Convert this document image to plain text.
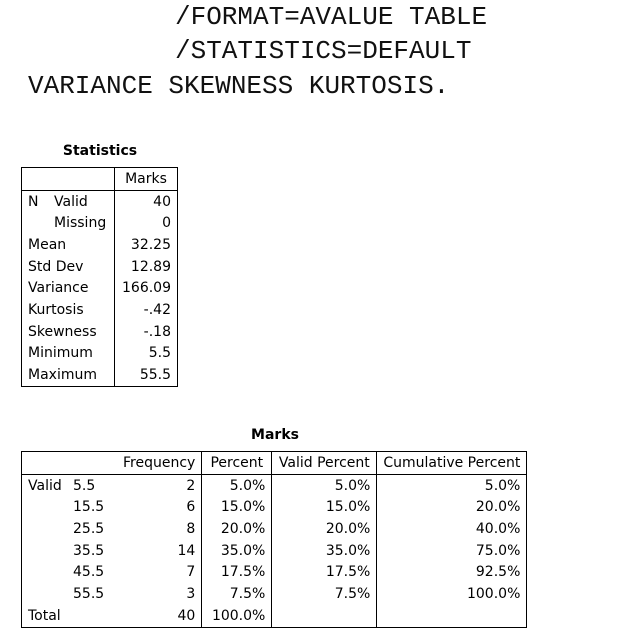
/FORMAT=AVALUE TABLE
/STATISTICS=DEFAULT
VARIANCE SKEWNESS KURTOSIS.
Statistics
	Marks
N Valid	40
Missing	0
Mean	32.25
Std Dev	12.89
Variance	166.09
Kurtosis	-.42
Skewness	-.18
Minimum	5.5
Maximum	55.5
Marks
	Frequency	Percent	Valid Percent	Cumulative Percent
Valid 5.5	2	5.0%	5.0%	5.0%
15.5	6	15.0%	15.0%	20.0%
25.5	8	20.0%	20.0%	40.0%
35.5	14	35.0%	35.0%	75.0%
45.5	7	17.5%	17.5%	92.5%
55.5	3	7.5%	7.5%	100.0%
Total	40	100.0%		
